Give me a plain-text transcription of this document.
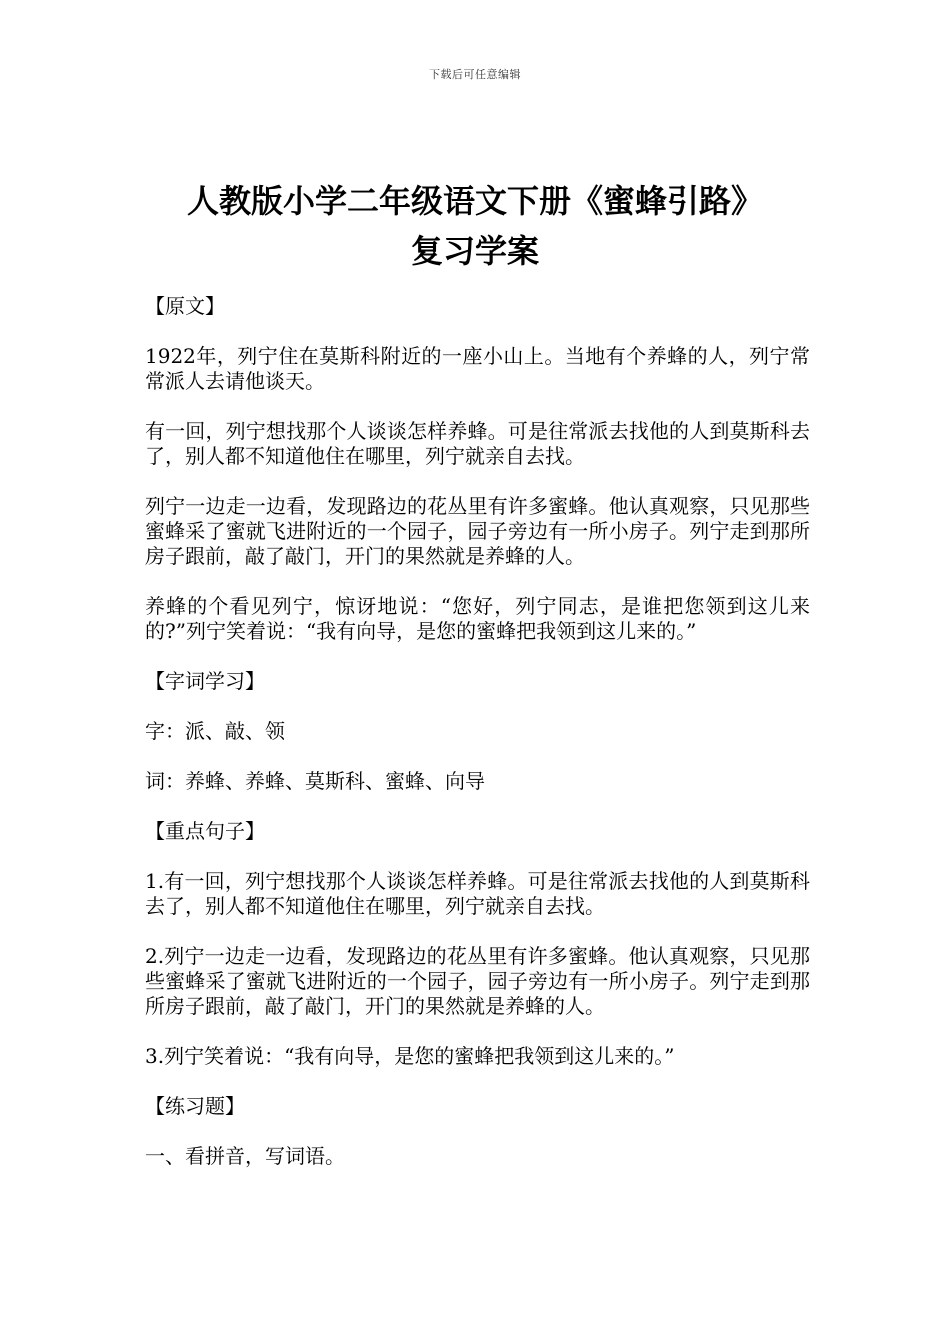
下载后可任意编辑
人教版小学二年级语文下册《蜜蜂引路》
复习学案

【原文】

1922年，列宁住在莫斯科附近的一座小山上。当地有个养蜂的人，列宁常常派人去请他谈天。

有一回，列宁想找那个人谈谈怎样养蜂。可是往常派去找他的人到莫斯科去了，别人都不知道他住在哪里，列宁就亲自去找。

列宁一边走一边看，发现路边的花丛里有许多蜜蜂。他认真观察，只见那些蜜蜂采了蜜就飞进附近的一个园子，园子旁边有一所小房子。列宁走到那所房子跟前，敲了敲门，开门的果然就是养蜂的人。

养蜂的个看见列宁，惊讶地说：“您好，列宁同志，是谁把您领到这儿来的?”列宁笑着说：“我有向导，是您的蜜蜂把我领到这儿来的。”

【字词学习】

字：派、敲、领

词：养蜂、养蜂、莫斯科、蜜蜂、向导

【重点句子】

1.有一回，列宁想找那个人谈谈怎样养蜂。可是往常派去找他的人到莫斯科去了，别人都不知道他住在哪里，列宁就亲自去找。

2.列宁一边走一边看，发现路边的花丛里有许多蜜蜂。他认真观察，只见那些蜜蜂采了蜜就飞进附近的一个园子，园子旁边有一所小房子。列宁走到那所房子跟前，敲了敲门，开门的果然就是养蜂的人。

3.列宁笑着说：“我有向导，是您的蜜蜂把我领到这儿来的。”

【练习题】

一、看拼音，写词语。
